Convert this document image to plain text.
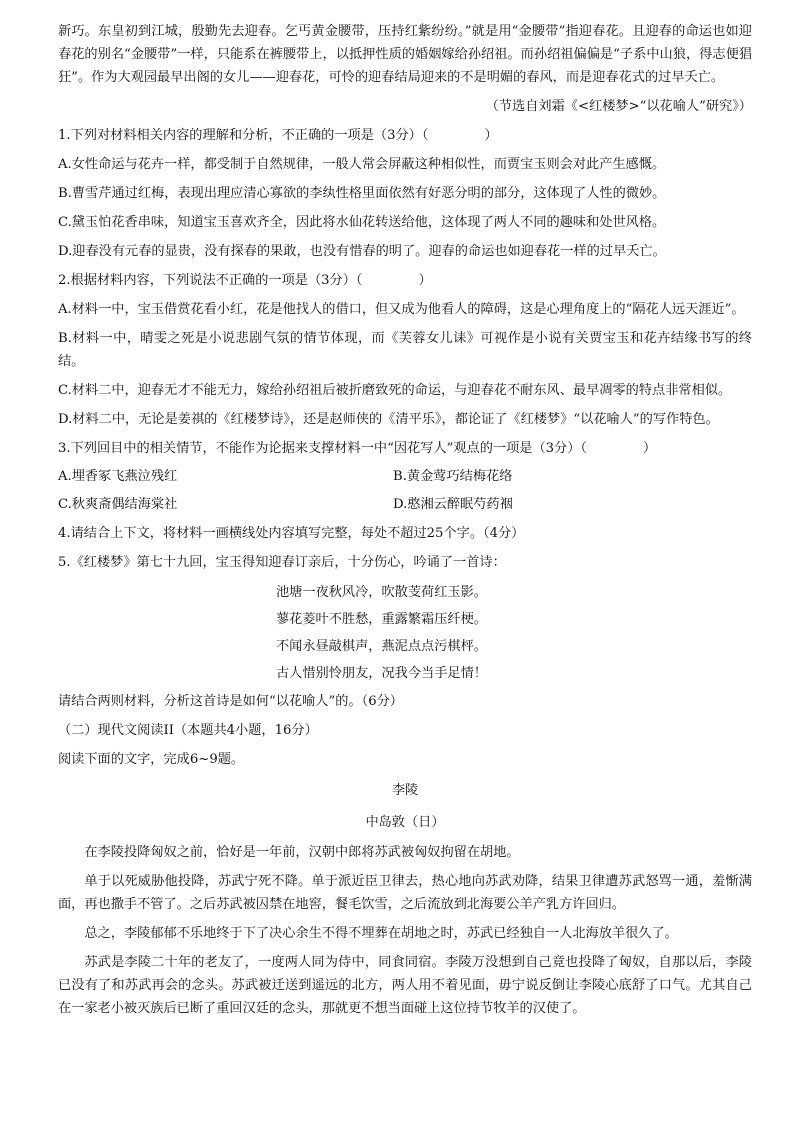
新巧。东皇初到江城，殷勤先去迎春。乞丐黄金腰带，压持红紫纷纷。”就是用“金腰带”指迎春花。且迎春的命运也如迎春花的别名“金腰带”一样，只能系在裤腰带上，以抵押性质的婚姻嫁给孙绍祖。而孙绍祖偏偏是“子系中山狼，得志便猖狂”。作为大观园最早出阁的女儿——迎春花，可怜的迎春结局迎来的不是明媚的春风，而是迎春花式的过早夭亡。

（节选自刘霜《<红楼梦>“以花喻人”研究》）

1.下列对材料相关内容的理解和分析，不正确的一项是（3分）（	）

A.女性命运与花卉一样，都受制于自然规律，一般人常会屏蔽这种相似性，而贾宝玉则会对此产生感慨。

B.曹雪芹通过红梅，表现出理应清心寡欲的李纨性格里面依然有好恶分明的部分，这体现了人性的微妙。

C.黛玉怕花香串味，知道宝玉喜欢齐全，因此将水仙花转送给他，这体现了两人不同的趣味和处世风格。

D.迎春没有元春的显贵，没有探春的果敢，也没有惜春的明了。迎春的命运也如迎春花一样的过早夭亡。

2.根据材料内容，下列说法不正确的一项是（3分）（	）

A.材料一中，宝玉借赏花看小红，花是他找人的借口，但又成为他看人的障碍，这是心理角度上的“隔花人远天涯近”。

B.材料一中，晴雯之死是小说悲剧气氛的情节体现，而《芙蓉女儿诔》可视作是小说有关贾宝玉和花卉结缘书写的终结。

C.材料二中，迎春无才不能无力，嫁给孙绍祖后被折磨致死的命运，与迎春花不耐东风、最早凋零的特点非常相似。

D.材料二中，无论是姜祺的《红楼梦诗》，还是赵师侠的《清平乐》，都论证了《红楼梦》“以花喻人”的写作特色。

3.下列回目中的相关情节，不能作为论据来支撑材料一中“因花写人”观点的一项是（3分）（	）

A.埋香冢飞燕泣残红	B.黄金莺巧结梅花络

C.秋爽斋偶结海棠社	D.憨湘云醉眠芍药裀

4.请结合上下文，将材料一画横线处内容填写完整，每处不超过25个字。（4分）

5.《红楼梦》第七十九回，宝玉得知迎春订亲后，十分伤心，吟诵了一首诗：

池塘一夜秋风冷，吹散芰荷红玉影。

蓼花菱叶不胜愁，重露繁霜压纤梗。

不闻永昼敲棋声，燕泥点点污棋枰。

古人惜别怜朋友，况我今当手足情！

请结合两则材料，分析这首诗是如何“以花喻人”的。（6分）

（二）现代文阅读II（本题共4小题，16分）

阅读下面的文字，完成6~9题。

李陵

中岛敦（日）

在李陵投降匈奴之前，恰好是一年前，汉朝中郎将苏武被匈奴拘留在胡地。

单于以死威胁他投降，苏武宁死不降。单于派近臣卫律去，热心地向苏武劝降，结果卫律遭苏武怒骂一通，羞惭满面，再也撒手不管了。之后苏武被囚禁在地窖，餐毛饮雪，之后流放到北海要公羊产乳方许回归。

总之，李陵郁郁不乐地终于下了决心余生不得不埋葬在胡地之时，苏武已经独自一人北海放羊很久了。

苏武是李陵二十年的老友了，一度两人同为侍中，同食同宿。李陵万没想到自己竟也投降了匈奴，自那以后，李陵已没有了和苏武再会的念头。苏武被迁送到遥远的北方，两人用不着见面，毋宁说反倒让李陵心底舒了口气。尤其自己在一家老小被灭族后已断了重回汉廷的念头，那就更不想当面碰上这位持节牧羊的汉使了。
